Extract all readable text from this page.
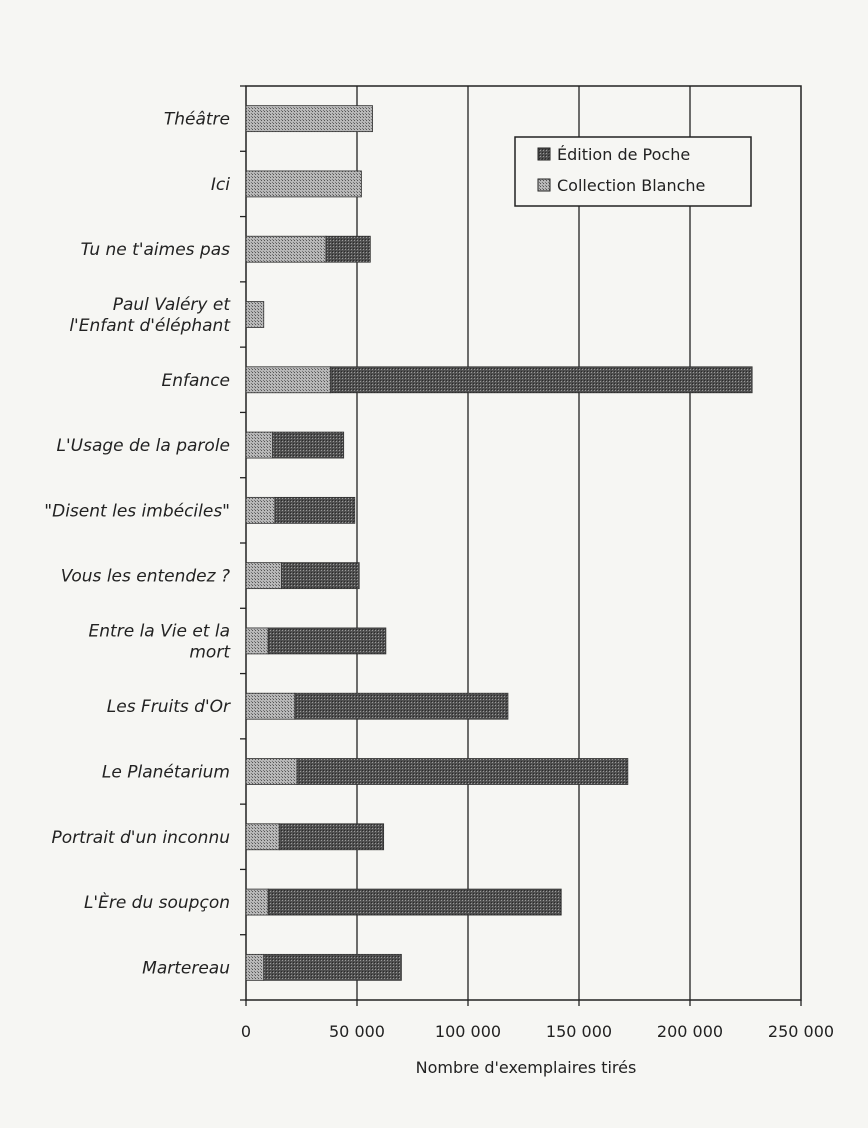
Théâtre
Ici
Tu ne t'aimes pas
Paul Valéry et l'Enfant d'éléphant
Enfance
L'Usage de la parole
"Disent les imbéciles"
Vous les entendez ?
Entre la Vie et la mort
Les Fruits d'Or
Le Planétarium
Portrait d'un inconnu
L'Ère du soupçon
Martereau
0	50 000	100 000	150 000	200 000	250 000
Nombre d'exemplaires tirés
Édition de Poche
Collection Blanche
